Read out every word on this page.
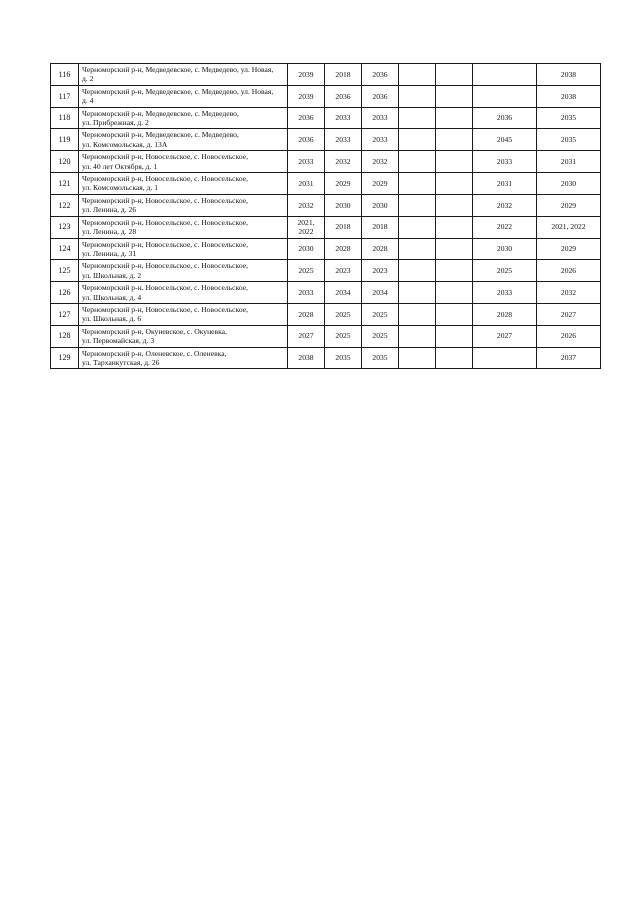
116	Черноморский р-н, Медведевское, с. Медведево, ул. Новая,
д. 2	2039	2018	2036				2038
117	Черноморский р-н, Медведевское, с. Медведево, ул. Новая,
д. 4	2039	2036	2036				2038
118	Черноморский р-н, Медведевское, с. Медведево,
ул. Прибрежная, д. 2	2036	2033	2033			2036	2035
119	Черноморский р-н, Медведевское, с. Медведево,
ул. Комсомольская, д. 13А	2036	2033	2033			2045	2035
120	Черноморский р-н, Новосельское, с. Новосельское,
ул. 40 лет Октября, д. 1	2033	2032	2032			2033	2031
121	Черноморский р-н, Новосельское, с. Новосельское,
ул. Комсомольская, д. 1	2031	2029	2029			2031	2030
122	Черноморский р-н, Новосельское, с. Новосельское,
ул. Ленина, д. 26	2032	2030	2030			2032	2029
123	Черноморский р-н, Новосельское, с. Новосельское,
ул. Ленина, д. 28	2021, 2022	2018	2018			2022	2021, 2022
124	Черноморский р-н, Новосельское, с. Новосельское,
ул. Ленина, д. 31	2030	2028	2028			2030	2029
125	Черноморский р-н, Новосельское, с. Новосельское,
ул. Школьная, д. 2	2025	2023	2023			2025	2026
126	Черноморский р-н, Новосельское, с. Новосельское,
ул. Школьная, д. 4	2033	2034	2034			2033	2032
127	Черноморский р-н, Новосельское, с. Новосельское,
ул. Школьная, д. 6	2028	2025	2025			2028	2027
128	Черноморский р-н, Окуневское, с. Окуневка,
ул. Первомайская, д. 3	2027	2025	2025			2027	2026
129	Черноморский р-н, Оленевское, с. Оленевка,
ул. Тарханкутская, д. 26	2038	2035	2035				2037
